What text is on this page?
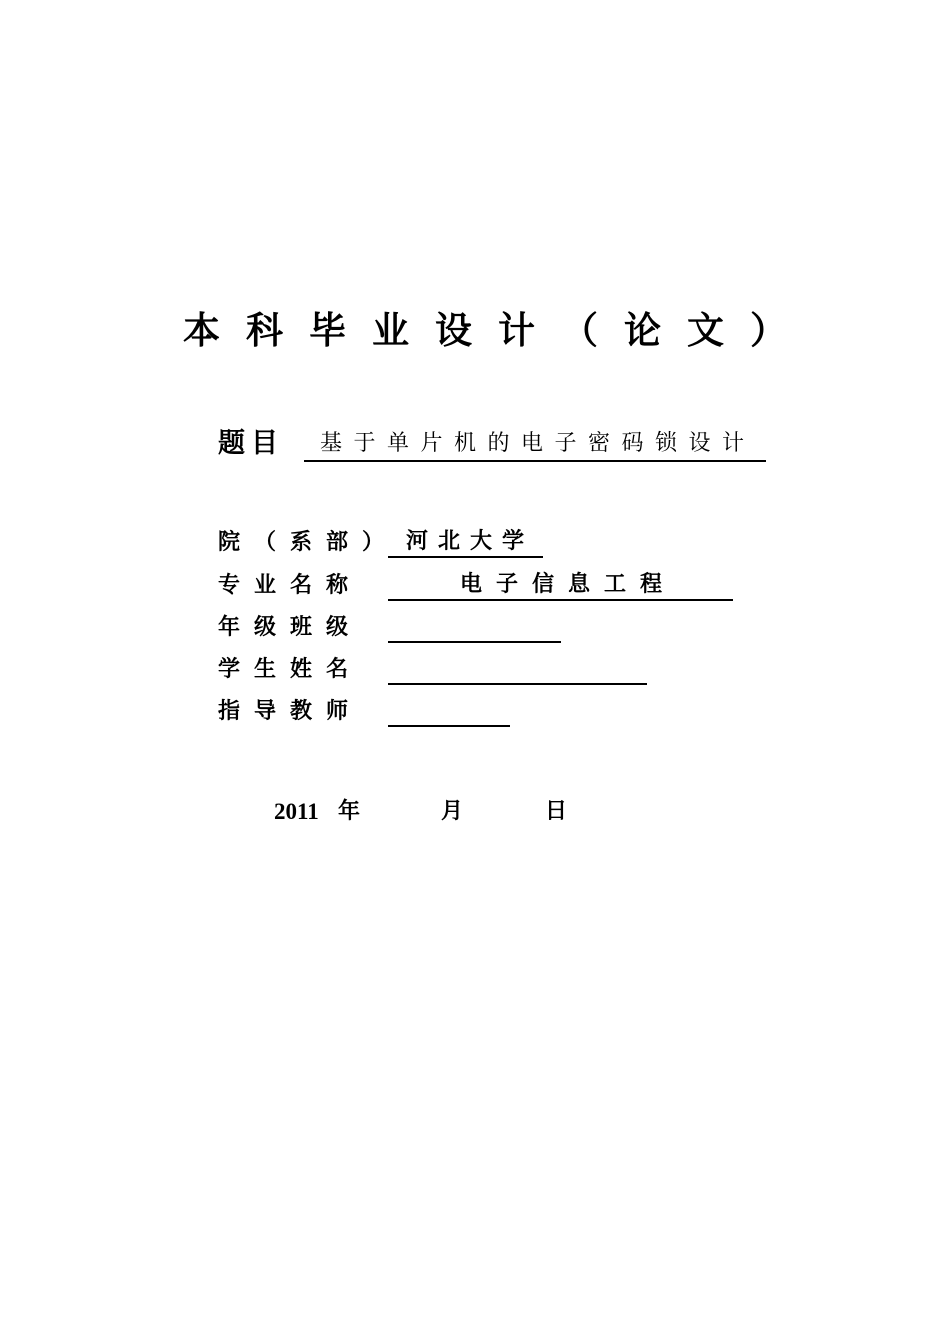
本科毕业设计（论文）
题目	基于单片机的电子密码锁设计
院（系部） 河北大学
专业名称	电子信息工程
年级班级
学生姓名
指导教师
2011 年	月	日
